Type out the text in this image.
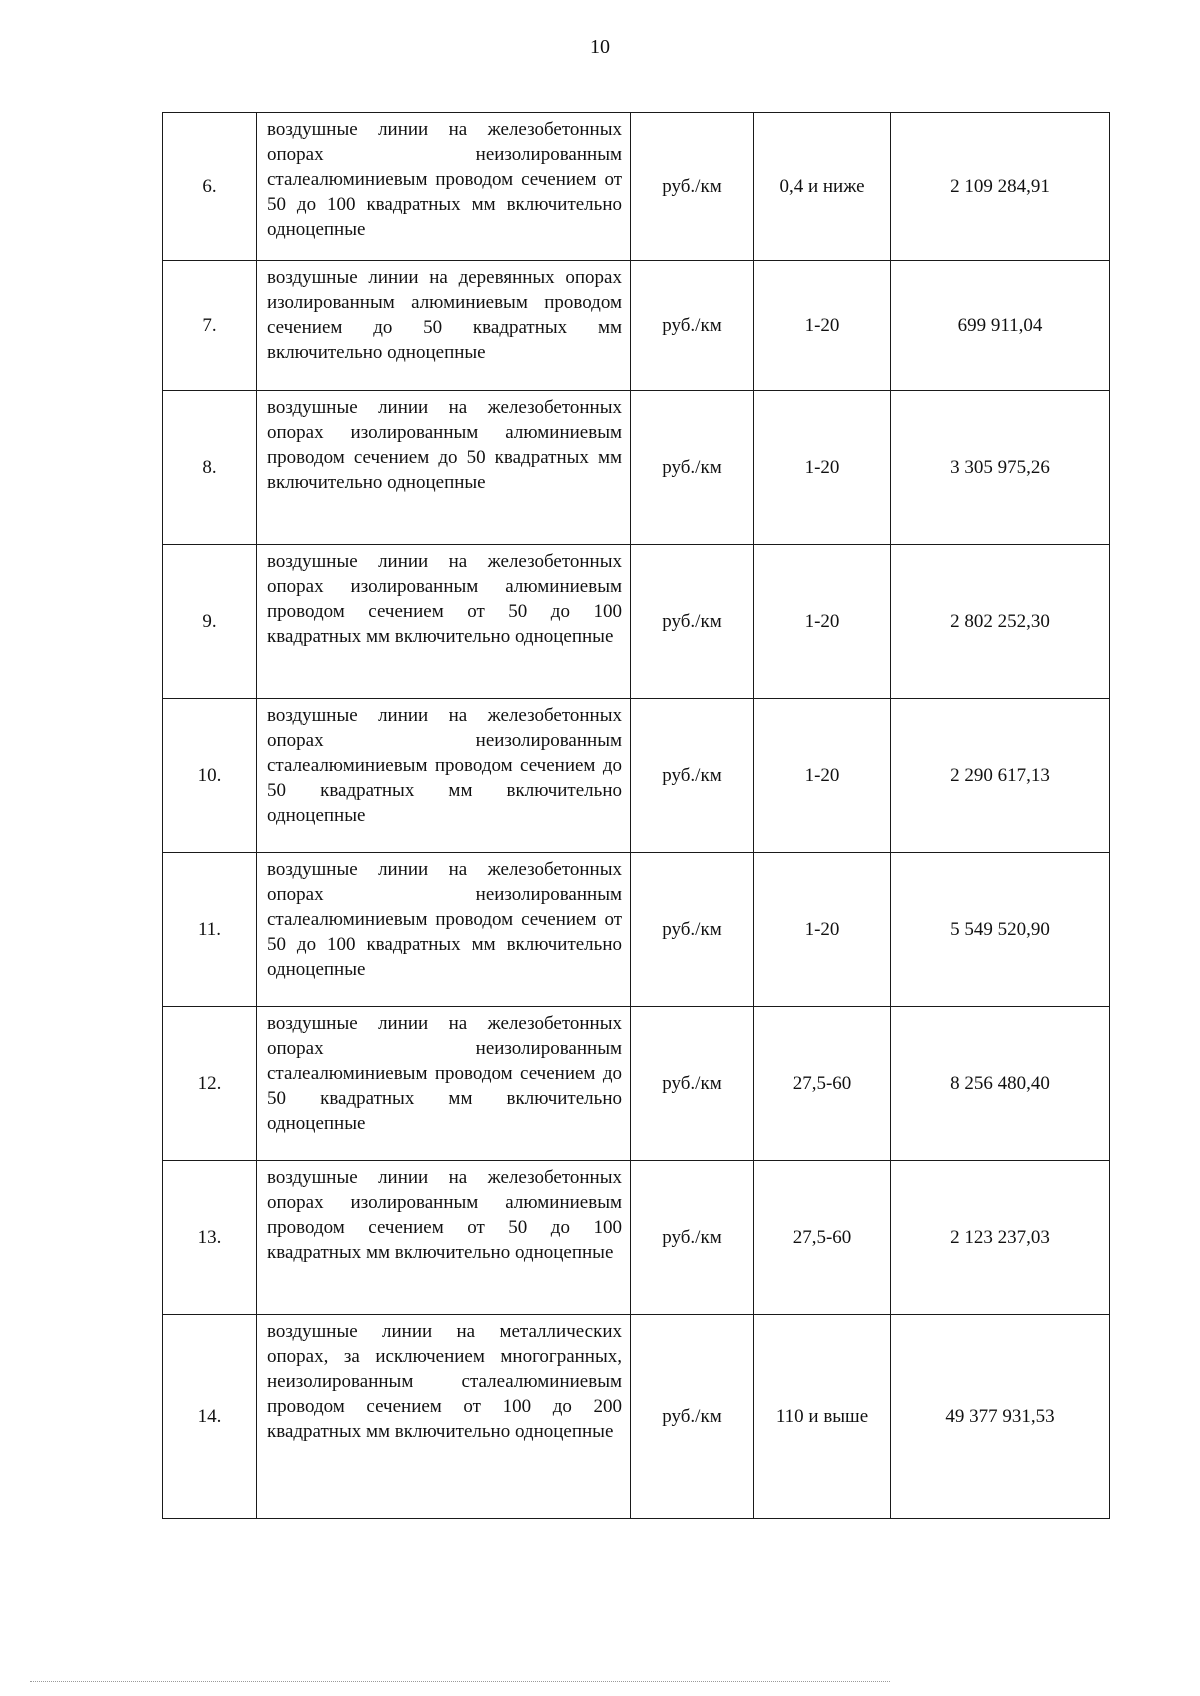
10
6.	воздушные линии на железобетонных опорах неизолированным сталеалюминиевым проводом сечением от 50 до 100 квадратных мм включительно одноцепные	руб./км	0,4 и ниже	2 109 284,91
7.	воздушные линии на деревянных опорах изолированным алюминиевым проводом сечением до 50 квадратных мм включительно одноцепные	руб./км	1-20	699 911,04
8.	воздушные линии на железобетонных опорах изолированным алюминиевым проводом сечением до 50 квадратных мм включительно одноцепные	руб./км	1-20	3 305 975,26
9.	воздушные линии на железобетонных опорах изолированным алюминиевым проводом сечением от 50 до 100 квадратных мм включительно одноцепные	руб./км	1-20	2 802 252,30
10.	воздушные линии на железобетонных опорах неизолированным сталеалюминиевым проводом сечением до 50 квадратных мм включительно одноцепные	руб./км	1-20	2 290 617,13
11.	воздушные линии на железобетонных опорах неизолированным сталеалюминиевым проводом сечением от 50 до 100 квадратных мм включительно одноцепные	руб./км	1-20	5 549 520,90
12.	воздушные линии на железобетонных опорах неизолированным сталеалюминиевым проводом сечением до 50 квадратных мм включительно одноцепные	руб./км	27,5-60	8 256 480,40
13.	воздушные линии на железобетонных опорах изолированным алюминиевым проводом сечением от 50 до 100 квадратных мм включительно одноцепные	руб./км	27,5-60	2 123 237,03
14.	воздушные линии на металлических опорах, за исключением многогранных, неизолированным сталеалюминиевым проводом сечением от 100 до 200 квадратных мм включительно одноцепные	руб./км	110 и выше	49 377 931,53
